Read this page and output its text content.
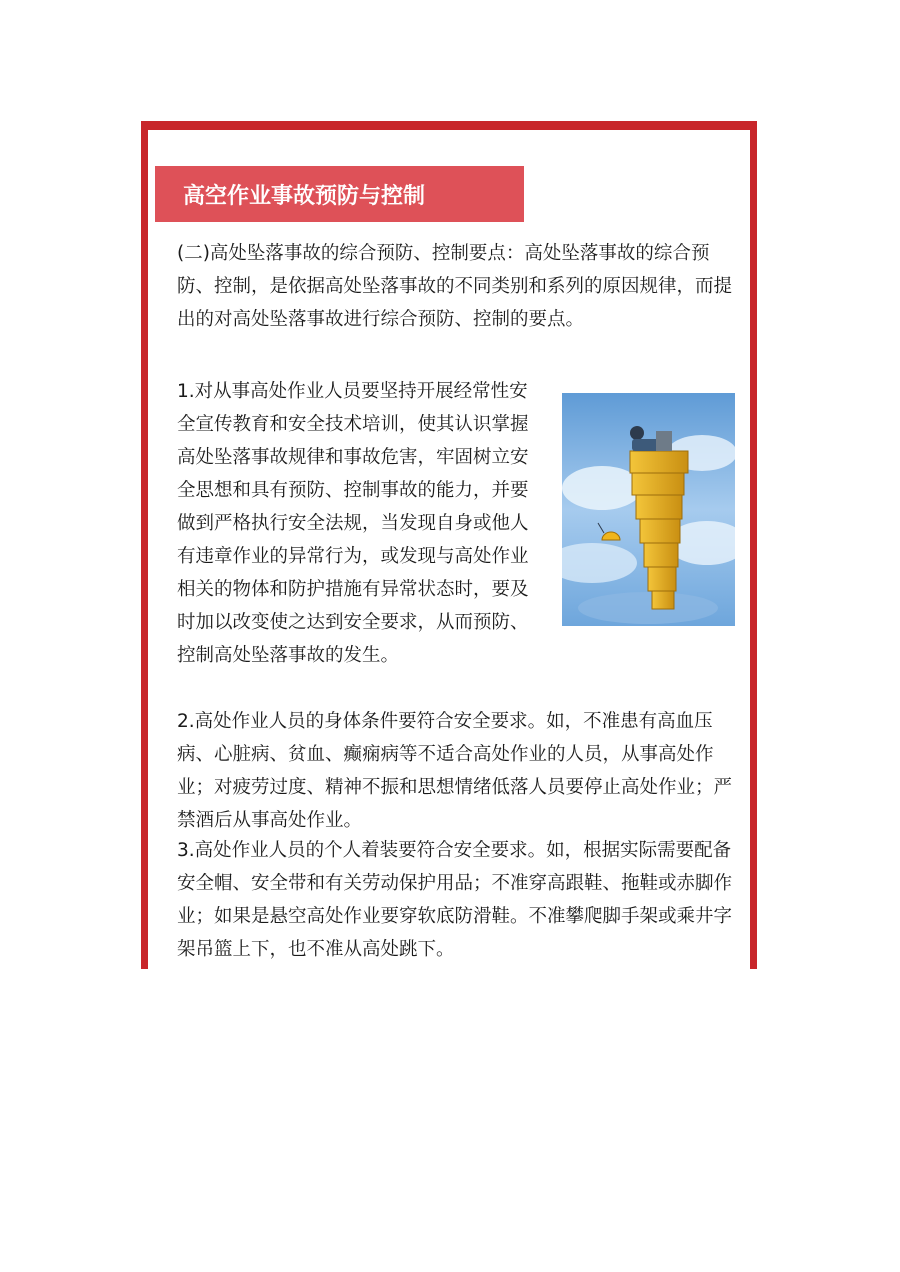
高空作业事故预防与控制

(二)高处坠落事故的综合预防、控制要点：高处坠落事故的综合预防、控制，是依据高处坠落事故的不同类别和系列的原因规律，而提出的对高处坠落事故进行综合预防、控制的要点。

1.对从事高处作业人员要坚持开展经常性安全宣传教育和安全技术培训，使其认识掌握高处坠落事故规律和事故危害，牢固树立安全思想和具有预防、控制事故的能力，并要做到严格执行安全法规，当发现自身或他人有违章作业的异常行为，或发现与高处作业相关的物体和防护措施有异常状态时，要及时加以改变使之达到安全要求，从而预防、控制高处坠落事故的发生。

2.高处作业人员的身体条件要符合安全要求。如，不准患有高血压病、心脏病、贫血、癫痫病等不适合高处作业的人员，从事高处作业；对疲劳过度、精神不振和思想情绪低落人员要停止高处作业；严禁酒后从事高处作业。

3.高处作业人员的个人着装要符合安全要求。如，根据实际需要配备安全帽、安全带和有关劳动保护用品；不准穿高跟鞋、拖鞋或赤脚作业；如果是悬空高处作业要穿软底防滑鞋。不准攀爬脚手架或乘井字架吊篮上下，也不准从高处跳下。
